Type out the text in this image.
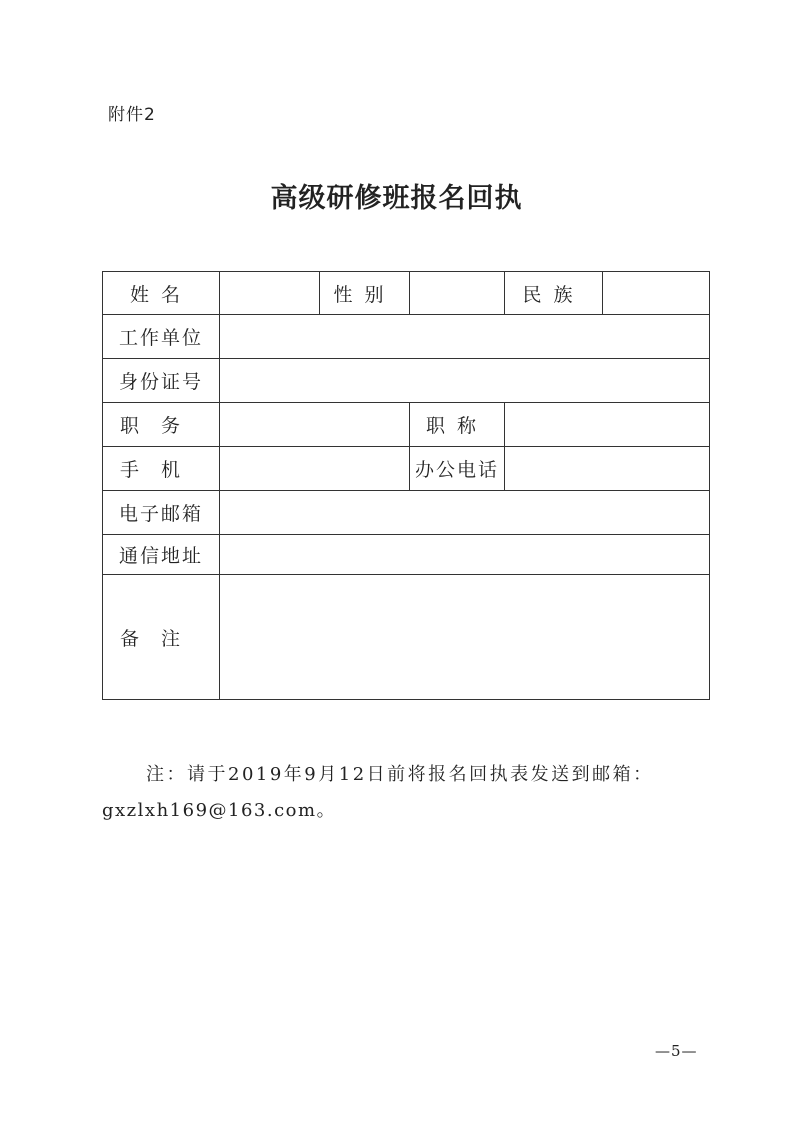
附件2
高级研修班报名回执
姓名		性别		民族	
工作单位					
身份证号					
职务			职称		
手机			办公电话		
电子邮箱					
通信地址					
备注					
注：请于2019年9月12日前将报名回执表发送到邮箱：
gxzlxh169@163.com。
—5—
